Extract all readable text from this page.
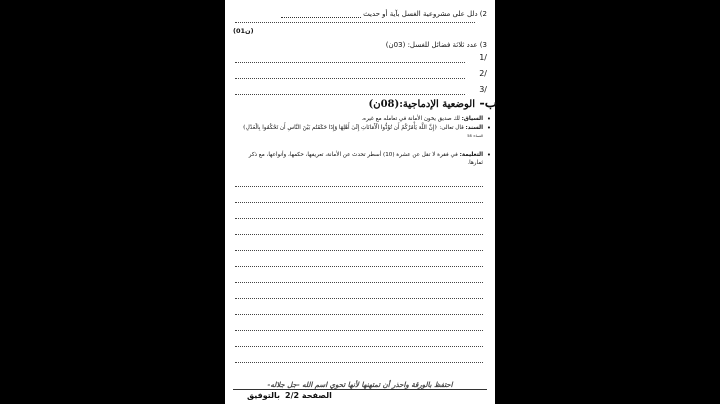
2) دلل على مشروعية الغسل بآية أو حديث
(01ن)
3) عدد ثلاثة فضائل للغسل: (03ن)
1/
2/
3/
ب-
الوضعية الإدماجية:(08ن)
• السياق: لك صديق يخون الأمانة في تعامله مع غيره.
• السند: قال تعالى: ﴿إِنَّ اللَّهَ يَأْمُرُكُمْ أَن تُؤَدُّوا الْأَمَانَاتِ إِلَىٰ أَهْلِهَا وَإِذَا حَكَمْتُم بَيْنَ النَّاسِ أَن تَحْكُمُوا بِالْعَدْلِ﴾ النساء: 58
• التعليمة: في فقرة لا تقل عن عشرة (10) أسطر تحدث عن الأمانة، تعريفها، حكمها، وأنواعها، مع ذكر ثمارها.
احتفظ بالورقة واحذر أن تمتهنها لأنها تحوي اسم الله -جل جلاله-
الصفحة 2/2
بالتوفيق
